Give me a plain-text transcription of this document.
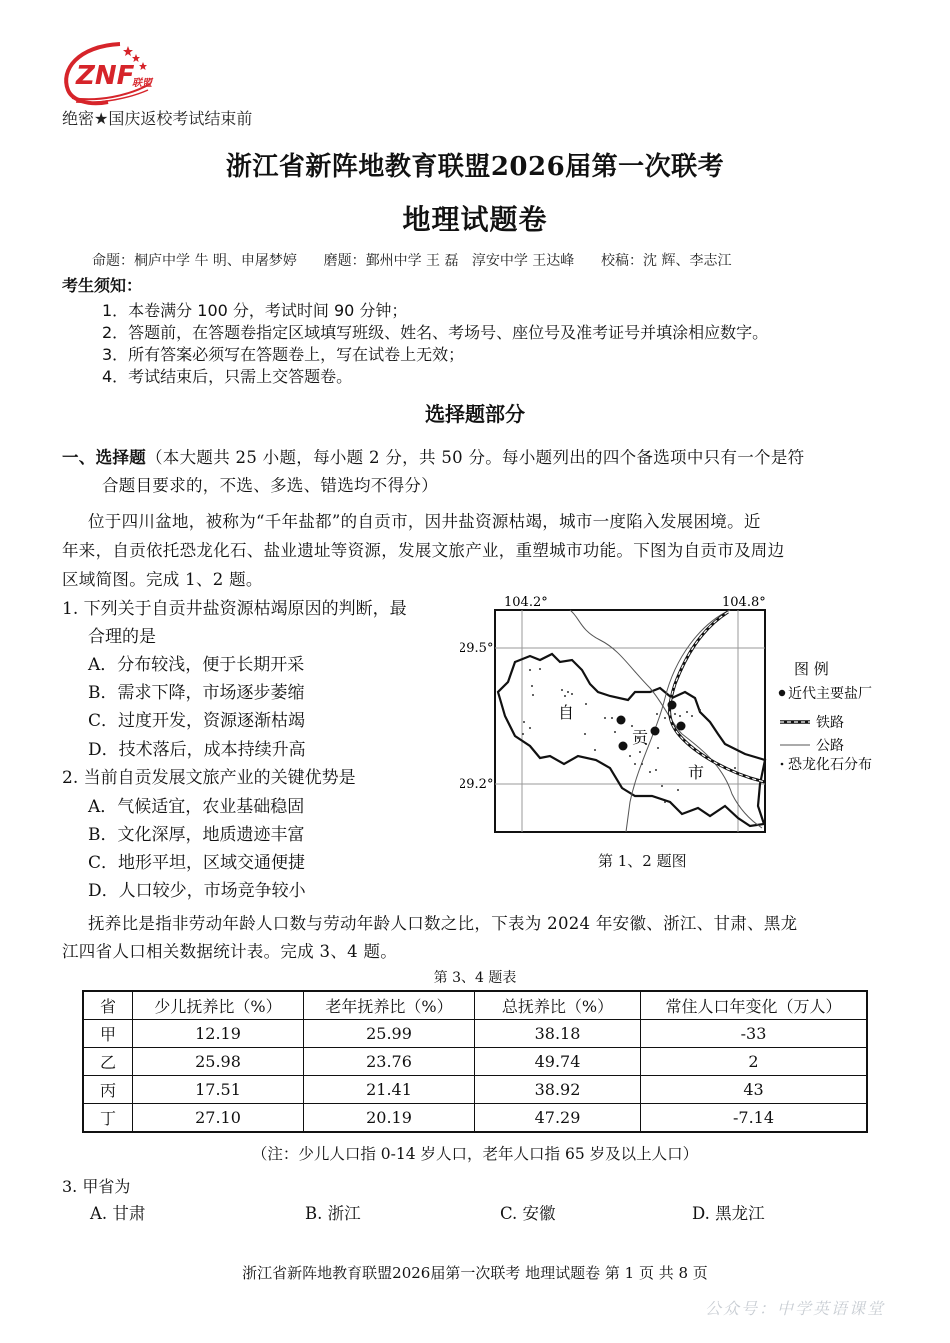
ZNF
联盟
绝密★国庆返校考试结束前
浙江省新阵地教育联盟2026届第一次联考
地理试题卷
命题：桐庐中学 牛 明、申屠梦婷      磨题：鄞州中学 王 磊   淳安中学 王达峰      校稿：沈 辉、李志江
考生须知：
1．本卷满分 100 分，考试时间 90 分钟；
2．答题前，在答题卷指定区域填写班级、姓名、考场号、座位号及准考证号并填涂相应数字。
3．所有答案必须写在答题卷上，写在试卷上无效；
4．考试结束后，只需上交答题卷。
选择题部分
一、选择题（本大题共 25 小题，每小题 2 分，共 50 分。每小题列出的四个备选项中只有一个是符
合题目要求的，不选、多选、错选均不得分）
位于四川盆地，被称为“千年盐都”的自贡市，因井盐资源枯竭，城市一度陷入发展困境。近
年来，自贡依托恐龙化石、盐业遗址等资源，发展文旅产业，重塑城市功能。下图为自贡市及周边
区域简图。完成 1、2 题。
1. 下列关于自贡井盐资源枯竭原因的判断，最
合理的是
A．分布较浅，便于长期开采
B．需求下降，市场逐步萎缩
C．过度开发，资源逐渐枯竭
D．技术落后，成本持续升高
2. 当前自贡发展文旅产业的关键优势是
A．气候适宜，农业基础稳固
B．文化深厚，地质遗迹丰富
C．地形平坦，区域交通便捷
D．人口较少，市场竞争较小
104.2°	104.8°
29.5°
29.2°
自
贡
市
图 例
近代主要盐厂
铁路
公路
恐龙化石分布
第 1、2 题图
抚养比是指非劳动年龄人口数与劳动年龄人口数之比，下表为 2024 年安徽、浙江、甘肃、黑龙
江四省人口相关数据统计表。完成 3、4 题。
第 3、4 题表
省	少儿抚养比（%）	老年抚养比（%）	总抚养比（%）	常住人口年变化（万人）
甲	12.19	25.99	38.18	-33
乙	25.98	23.76	49.74	2
丙	17.51	21.41	38.92	43
丁	27.10	20.19	47.29	-7.14
（注：少儿人口指 0-14 岁人口，老年人口指 65 岁及以上人口）
3. 甲省为
A. 甘肃	B. 浙江	C. 安徽	D. 黑龙江
浙江省新阵地教育联盟2026届第一次联考 地理试题卷 第 1 页 共 8 页
公众号：中学英语课堂
